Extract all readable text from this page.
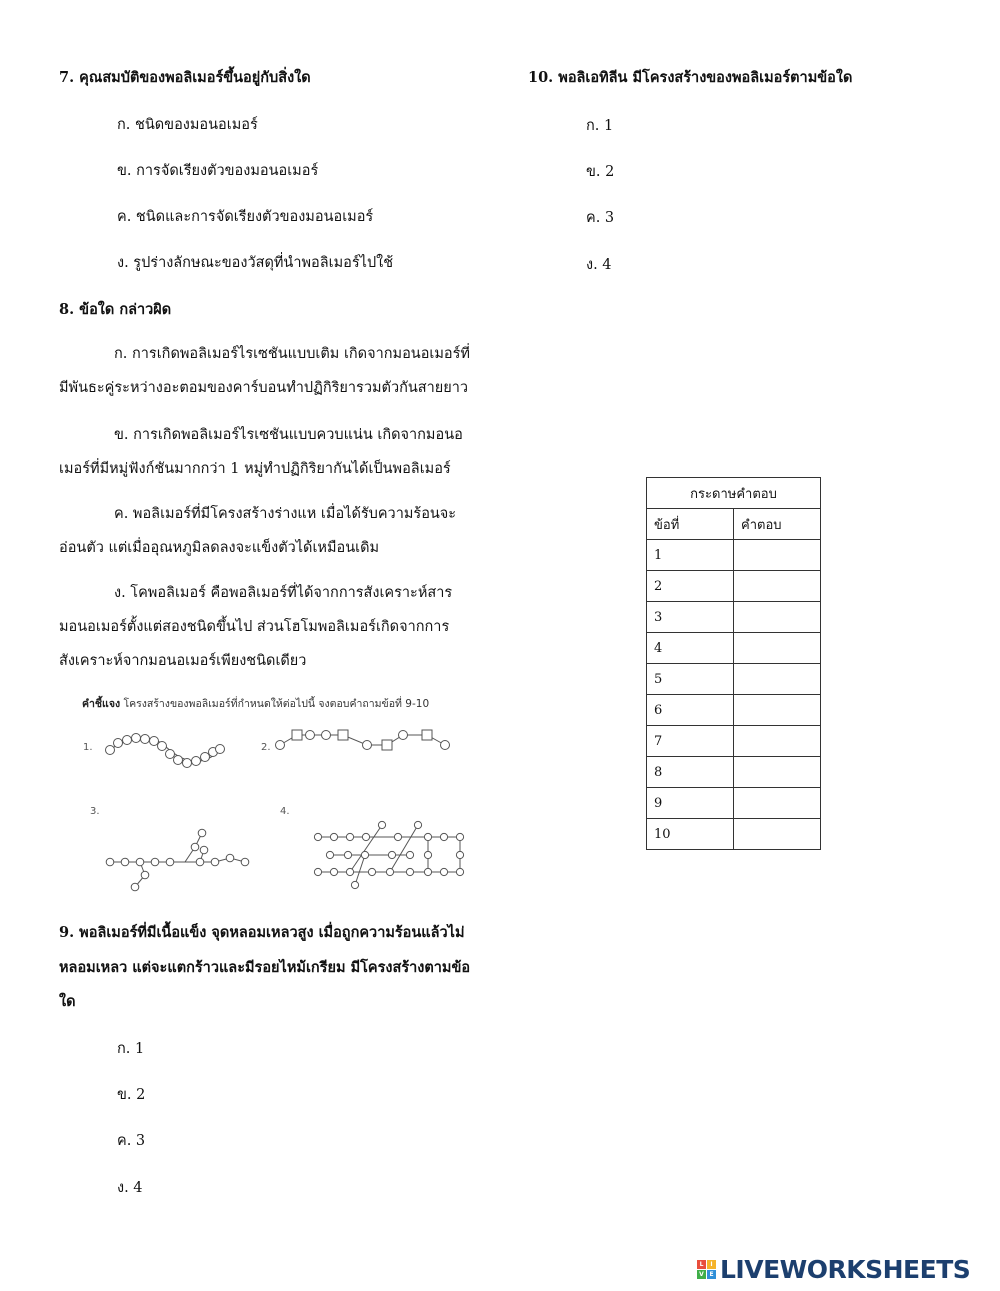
7. คุณสมบัติของพอลิเมอร์ขึ้นอยู่กับสิ่งใด
ก. ชนิดของมอนอเมอร์
ข. การจัดเรียงตัวของมอนอเมอร์
ค. ชนิดและการจัดเรียงตัวของมอนอเมอร์
ง. รูปร่างลักษณะของวัสดุที่นำพอลิเมอร์ไปใช้
8. ข้อใด กล่าวผิด
ก. การเกิดพอลิเมอร์ไรเซชันแบบเติม เกิดจากมอนอเมอร์ที่
มีพันธะคู่ระหว่างอะตอมของคาร์บอนทำปฏิกิริยารวมตัวกันสายยาว
ข. การเกิดพอลิเมอร์ไรเซชันแบบควบแน่น เกิดจากมอนอ
เมอร์ที่มีหมู่ฟังก์ชันมากกว่า 1 หมู่ทำปฏิกิริยากันได้เป็นพอลิเมอร์
ค. พอลิเมอร์ที่มีโครงสร้างร่างแห เมื่อได้รับความร้อนจะ
อ่อนตัว แต่เมื่ออุณหภูมิลดลงจะแข็งตัวได้เหมือนเดิม
ง. โคพอลิเมอร์ คือพอลิเมอร์ที่ได้จากการสังเคราะห์สาร
มอนอเมอร์ตั้งแต่สองชนิดขึ้นไป ส่วนโฮโมพอลิเมอร์เกิดจากการ
สังเคราะห์จากมอนอเมอร์เพียงชนิดเดียว
คำชี้แจง โครงสร้างของพอลิเมอร์ที่กำหนดให้ต่อไปนี้ จงตอบคำถามข้อที่ 9-10
1.	2.
3.	4.
9. พอลิเมอร์ที่มีเนื้อแข็ง จุดหลอมเหลวสูง เมื่อถูกความร้อนแล้วไม่
หลอมเหลว แต่จะแตกร้าวและมีรอยไหม้เกรียม มีโครงสร้างตามข้อ
ใด
ก. 1
ข. 2
ค. 3
ง. 4
10. พอลิเอทิลีน มีโครงสร้างของพอลิเมอร์ตามข้อใด
ก. 1
ข. 2
ค. 3
ง. 4
กระดาษคำตอบ	
ข้อที่	คำตอบ
1	
2	
3	
4	
5	
6	
7	
8	
9	
10	
L	I
V E LIVEWORKSHEETS
